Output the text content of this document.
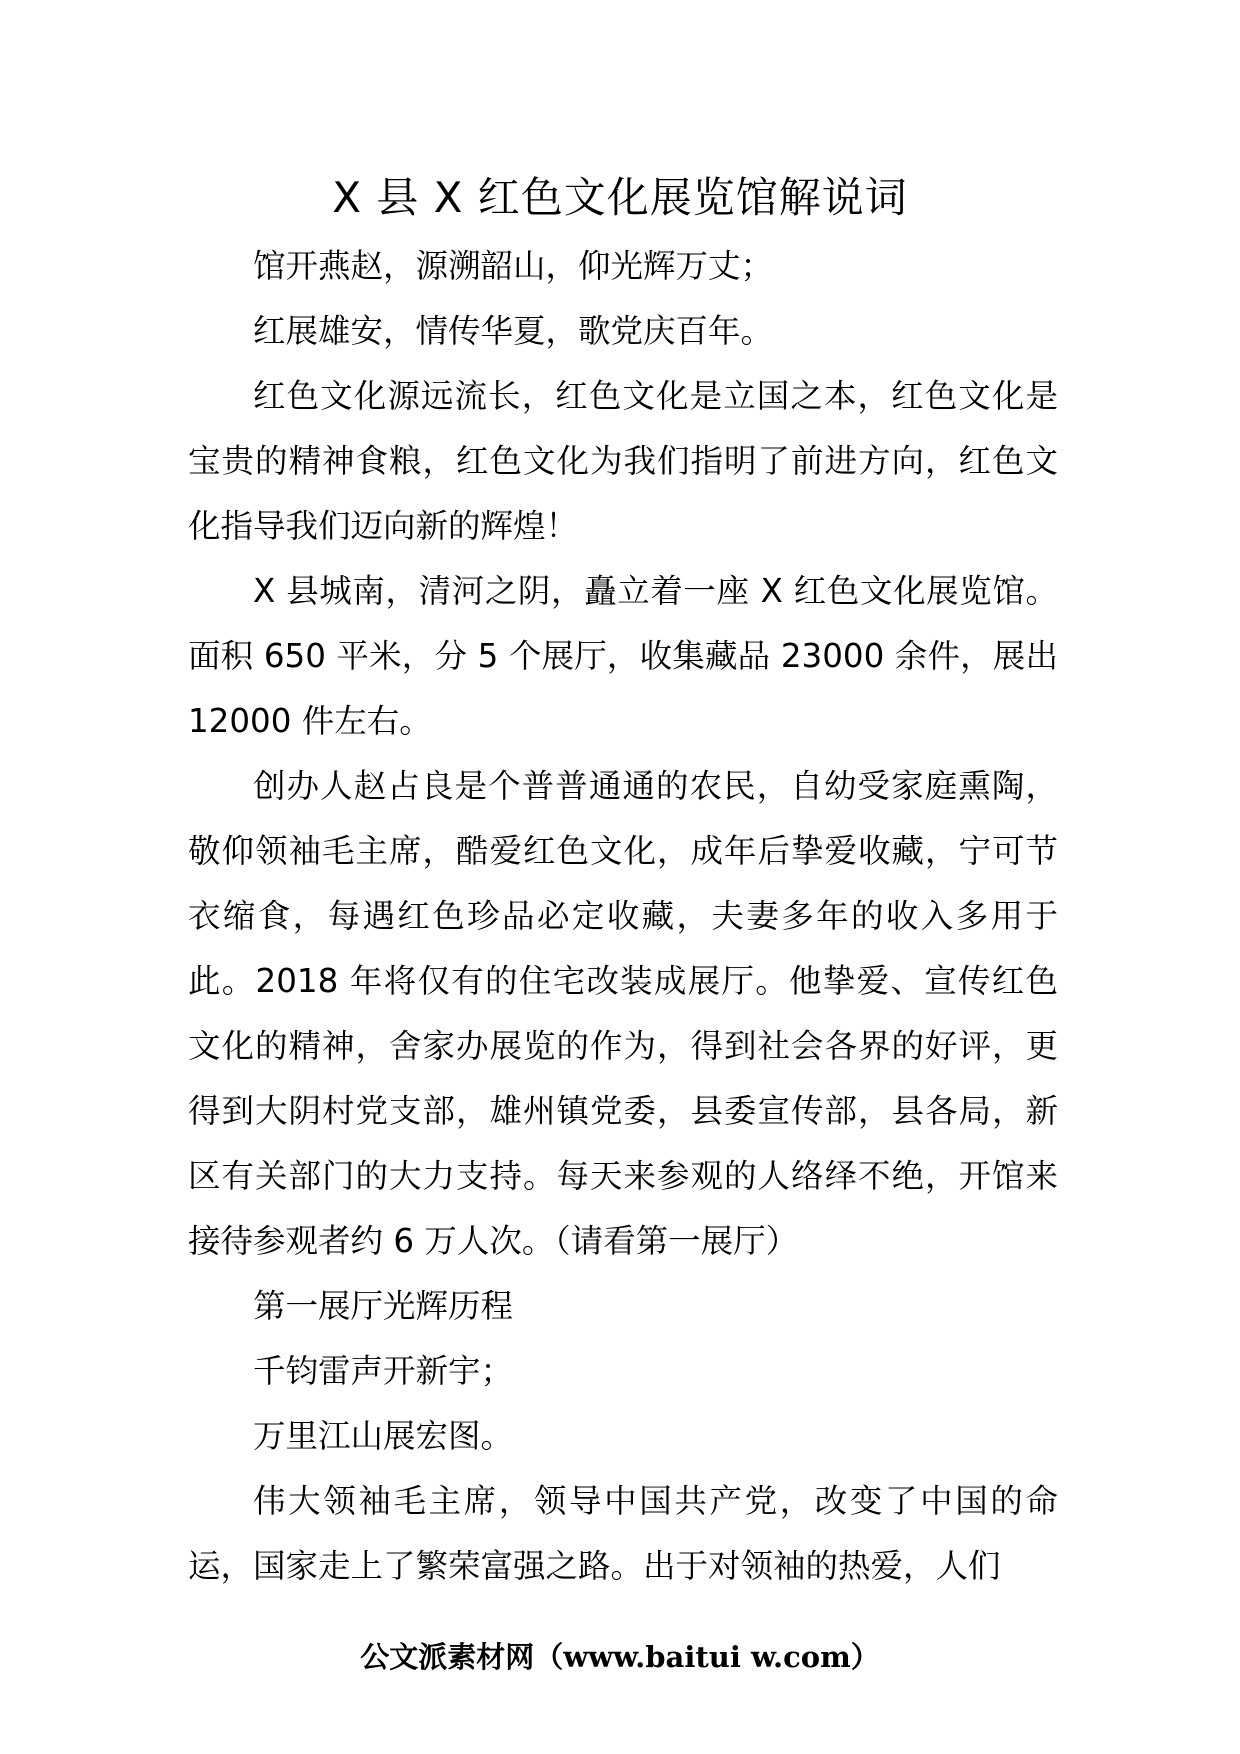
X 县 X 红色文化展览馆解说词

馆开燕赵，源溯韶山，仰光辉万丈；

红展雄安，情传华夏，歌党庆百年。

红色文化源远流长，红色文化是立国之本，红色文化是宝贵的精神食粮，红色文化为我们指明了前进方向，红色文化指导我们迈向新的辉煌！

X 县城南，清河之阴，矗立着一座 X 红色文化展览馆。面积 650 平米，分 5 个展厅，收集藏品 23000 余件，展出 12000 件左右。

创办人赵占良是个普普通通的农民，自幼受家庭熏陶，敬仰领袖毛主席，酷爱红色文化，成年后挚爱收藏，宁可节衣缩食，每遇红色珍品必定收藏，夫妻多年的收入多用于此。2018 年将仅有的住宅改装成展厅。他挚爱、宣传红色文化的精神，舍家办展览的作为，得到社会各界的好评，更得到大阴村党支部，雄州镇党委，县委宣传部，县各局，新区有关部门的大力支持。每天来参观的人络绎不绝，开馆来接待参观者约 6 万人次。（请看第一展厅）

第一展厅光辉历程

千钧雷声开新宇；

万里江山展宏图。

伟大领袖毛主席，领导中国共产党，改变了中国的命运，国家走上了繁荣富强之路。出于对领袖的热爱，人们

公文派素材网（www.baitui w.com）
